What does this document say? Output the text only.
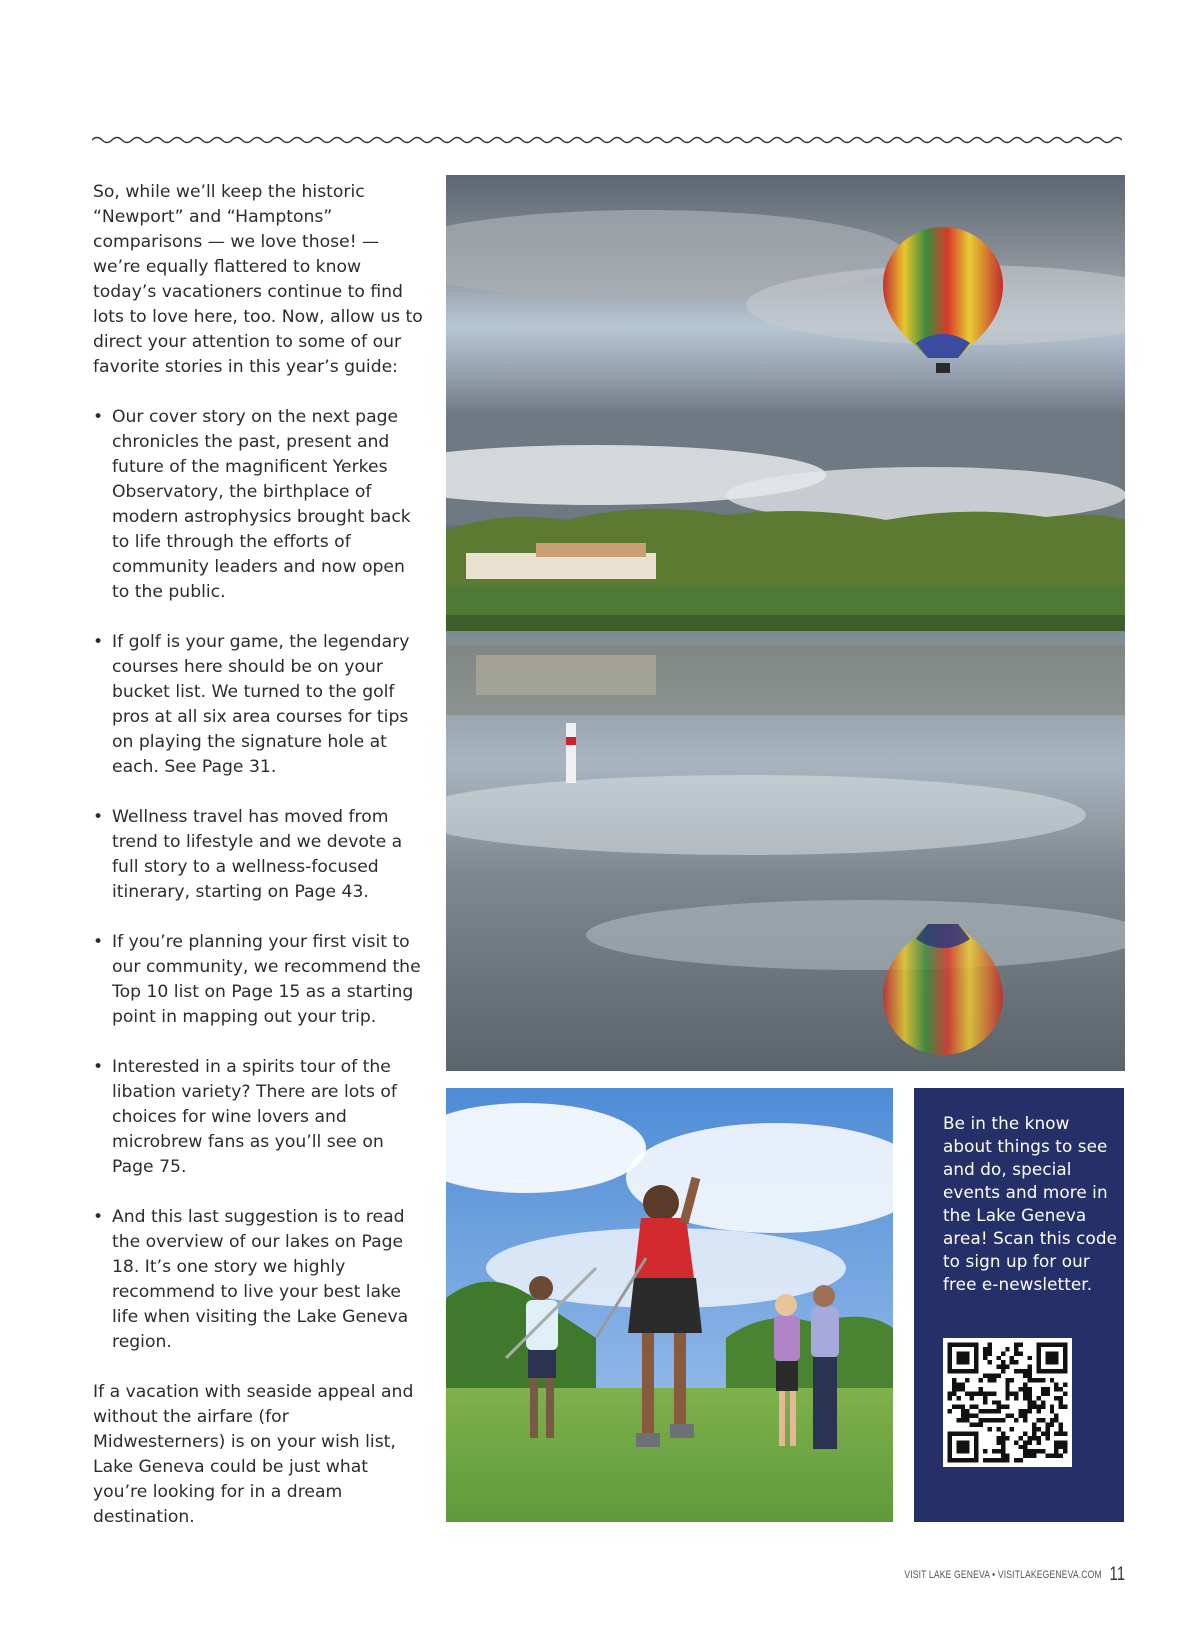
So, while we’ll keep the historic “Newport” and “Hamptons” comparisons — we love those! — we’re equally flattered to know today’s vacationers continue to find lots to love here, too. Now, allow us to direct your attention to some of our favorite stories in this year’s guide:

• Our cover story on the next page chronicles the past, present and future of the magnificent Yerkes Observatory, the birthplace of modern astrophysics brought back to life through the efforts of community leaders and now open to the public.
• If golf is your game, the legendary courses here should be on your bucket list. We turned to the golf pros at all six area courses for tips on playing the signature hole at each. See Page 31.
• Wellness travel has moved from trend to lifestyle and we devote a full story to a wellness-focused itinerary, starting on Page 43.
• If you’re planning your first visit to our community, we recommend the Top 10 list on Page 15 as a starting point in mapping out your trip.
• Interested in a spirits tour of the libation variety? There are lots of choices for wine lovers and microbrew fans as you’ll see on Page 75.
• And this last suggestion is to read the overview of our lakes on Page 18. It’s one story we highly recommend to live your best lake life when visiting the Lake Geneva region.

If a vacation with seaside appeal and without the airfare (for Midwesterners) is on your wish list, Lake Geneva could be just what you’re looking for in a dream destination.

Be in the know about things to see and do, special events and more in the Lake Geneva area! Scan this code to sign up for our free e-newsletter.
VISIT LAKE GENEVA • VISITLAKEGENEVA.COM 11
